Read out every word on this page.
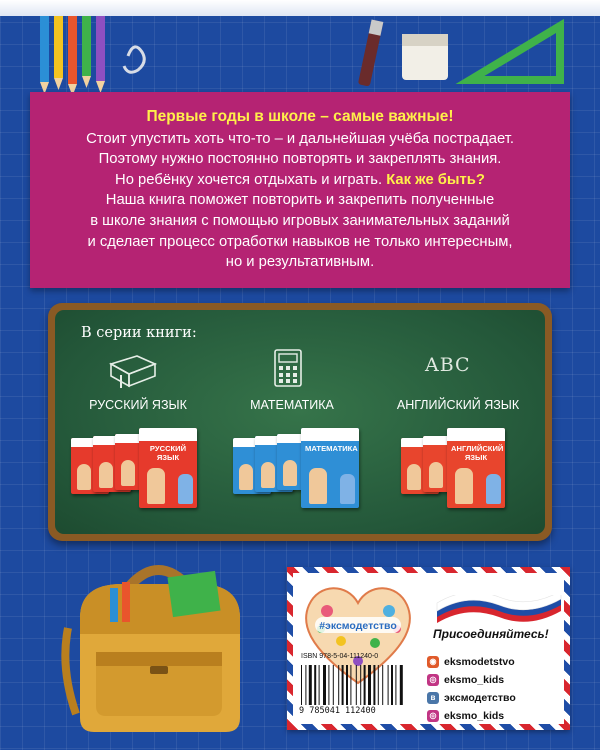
Первые годы в школе – самые важные!
Стоит упустить хоть что-то – и дальнейшая учёба пострадает.
Поэтому нужно постоянно повторять и закреплять знания.
Но ребёнку хочется отдыхать и играть. Как же быть?
Наша книга поможет повторить и закрепить полученные
в школе знания с помощью игровых занимательных заданий
и сделает процесс отработки навыков не только интересным,
но и результативным.
В серии книги:
ABC
РУССКИЙ ЯЗЫК	МАТЕМАТИКА	АНГЛИЙСКИЙ ЯЗЫК
РУССКИЙ ЯЗЫК
МАТЕМАТИКА	АНГЛИЙСКИЙ ЯЗЫК
#эксмодетство
Присоединяйтесь!
ISBN 978-5-04-111240-0
9 785041 112400
◉ eksmodetstvo
◎ eksmo_kids
в эксмодетство
◎ eksmo_kids
